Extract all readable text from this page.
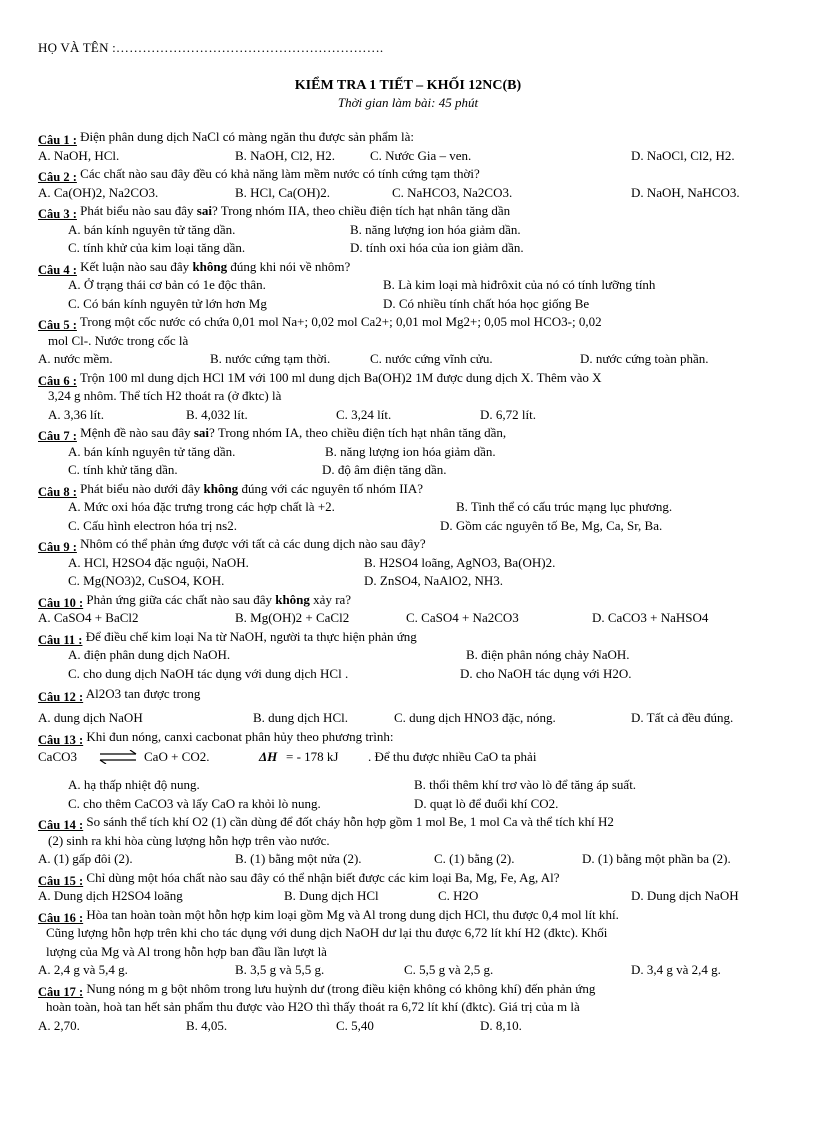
HỌ VÀ TÊN :…………………………………………………….
KIỂM TRA 1 TIẾT – KHỐI 12NC(B)
Thời gian làm bài: 45 phút
Câu 1 : Điện phân dung dịch NaCl có màng ngăn thu được sản phẩm là:
A. NaOH, HCl.	B. NaOH, Cl2, H2.	C. Nước Gia – ven.	D. NaOCl, Cl2, H2.
Câu 2 : Các chất nào sau đây đều có khả năng làm mềm nước có tính cứng tạm thời?
A. Ca(OH)2, Na2CO3.	B. HCl, Ca(OH)2.	C. NaHCO3, Na2CO3.	D. NaOH, NaHCO3.
Câu 3 : Phát biểu nào sau đây sai? Trong nhóm IIA, theo chiều điện tích hạt nhân tăng dần
A. bán kính nguyên tử tăng dần.	B. năng lượng ion hóa giảm dần.
C. tính khử của kim loại tăng dần.	D. tính oxi hóa của ion giảm dần.
Câu 4 : Kết luận nào sau đây không đúng khi nói về nhôm?
A. Ở trạng thái cơ bản có 1e độc thân.	B. Là kim loại mà hiđrôxit của nó có tính lưỡng tính
C. Có bán kính nguyên tử lớn hơn Mg	D. Có nhiều tính chất hóa học giống Be
Câu 5 : Trong một cốc nước có chứa 0,01 mol Na+; 0,02 mol Ca2+; 0,01 mol Mg2+; 0,05 mol HCO3-; 0,02
mol Cl-. Nước trong cốc là
A. nước mềm.	B. nước cứng tạm thời.	C. nước cứng vĩnh cửu.	D. nước cứng toàn phần.
Câu 6 : Trộn 100 ml dung dịch HCl 1M với 100 ml dung dịch Ba(OH)2 1M được dung dịch X. Thêm vào X
3,24 g nhôm. Thể tích H2 thoát ra (ở đktc) là
A. 3,36 lít.	B. 4,032 lít.	C. 3,24 lít.	D. 6,72 lít.
Câu 7 : Mệnh đề nào sau đây sai? Trong nhóm IA, theo chiều điện tích hạt nhân tăng dần,
A. bán kính nguyên tử tăng dần.	B. năng lượng ion hóa giảm dần.
C. tính khử tăng dần.	D. độ âm điện tăng dần.
Câu 8 : Phát biểu nào dưới đây không đúng với các nguyên tố nhóm IIA?
A. Mức oxi hóa đặc trưng trong các hợp chất là +2.	B. Tinh thể có cấu trúc mạng lục phương.
C. Cấu hình electron hóa trị ns2.	D. Gồm các nguyên tố Be, Mg, Ca, Sr, Ba.
Câu 9 : Nhôm có thể phản ứng được với tất cả các dung dịch nào sau đây?
A. HCl, H2SO4 đặc nguội, NaOH.	B. H2SO4 loãng, AgNO3, Ba(OH)2.
C. Mg(NO3)2, CuSO4, KOH.	D. ZnSO4, NaAlO2, NH3.
Câu 10 : Phản ứng giữa các chất nào sau đây không xảy ra?
A. CaSO4 + BaCl2	B. Mg(OH)2 + CaCl2	C. CaSO4 + Na2CO3	D. CaCO3 + NaHSO4
Câu 11 : Để điều chế kim loại Na từ NaOH, người ta thực hiện phản ứng
A. điện phân dung dịch NaOH.	B. điện phân nóng chảy NaOH.
C. cho dung dịch NaOH tác dụng với dung dịch HCl .	D. cho NaOH tác dụng với H2O.
Câu 12 : Al2O3 tan được trong
A. dung dịch NaOH	B. dung dịch HCl.	C. dung dịch HNO3 đặc, nóng.	D. Tất cả đều đúng.
Câu 13 : Khi đun nóng, canxi cacbonat phân hủy theo phương trình:
CaCO3 ⇌ CaO + CO2.	ΔH = - 178 kJ . Để thu được nhiều CaO ta phải
A. hạ thấp nhiệt độ nung.	B. thổi thêm khí trơ vào lò để tăng áp suất.
C. cho thêm CaCO3 và lấy CaO ra khỏi lò nung.	D. quạt lò để đuổi khí CO2.
Câu 14 : So sánh thể tích khí O2 (1) cần dùng để đốt cháy hỗn hợp gồm 1 mol Be, 1 mol Ca và thể tích khí H2
(2) sinh ra khi hòa cùng lượng hỗn hợp trên vào nước.
A. (1) gấp đôi (2).	B. (1) bằng một nửa (2).	C. (1) bằng (2).	D. (1) bằng một phần ba (2).
Câu 15 : Chỉ dùng một hóa chất nào sau đây có thể nhận biết được các kim loại Ba, Mg, Fe, Ag, Al?
A. Dung dịch H2SO4 loãng	B. Dung dịch HCl	C. H2O	D. Dung dịch NaOH
Câu 16 : Hòa tan hoàn toàn một hỗn hợp kim loại gồm Mg và Al trong dung dịch HCl, thu được 0,4 mol lít khí.
Cũng lượng hỗn hợp trên khi cho tác dụng với dung dịch NaOH dư lại thu được 6,72 lít khí H2 (đktc). Khối
lượng của Mg và Al trong hỗn hợp ban đầu lần lượt là
A. 2,4 g và 5,4 g.	B. 3,5 g và 5,5 g.	C. 5,5 g và 2,5 g.	D. 3,4 g và 2,4 g.
Câu 17 : Nung nóng m g bột nhôm trong lưu huỳnh dư (trong điều kiện không có không khí) đến phản ứng
hoàn toàn, hoà tan hết sản phẩm thu được vào H2O thì thấy thoát ra 6,72 lít khí (đktc). Giá trị của m là
A. 2,70.	B. 4,05.	C. 5,40	D. 8,10.
